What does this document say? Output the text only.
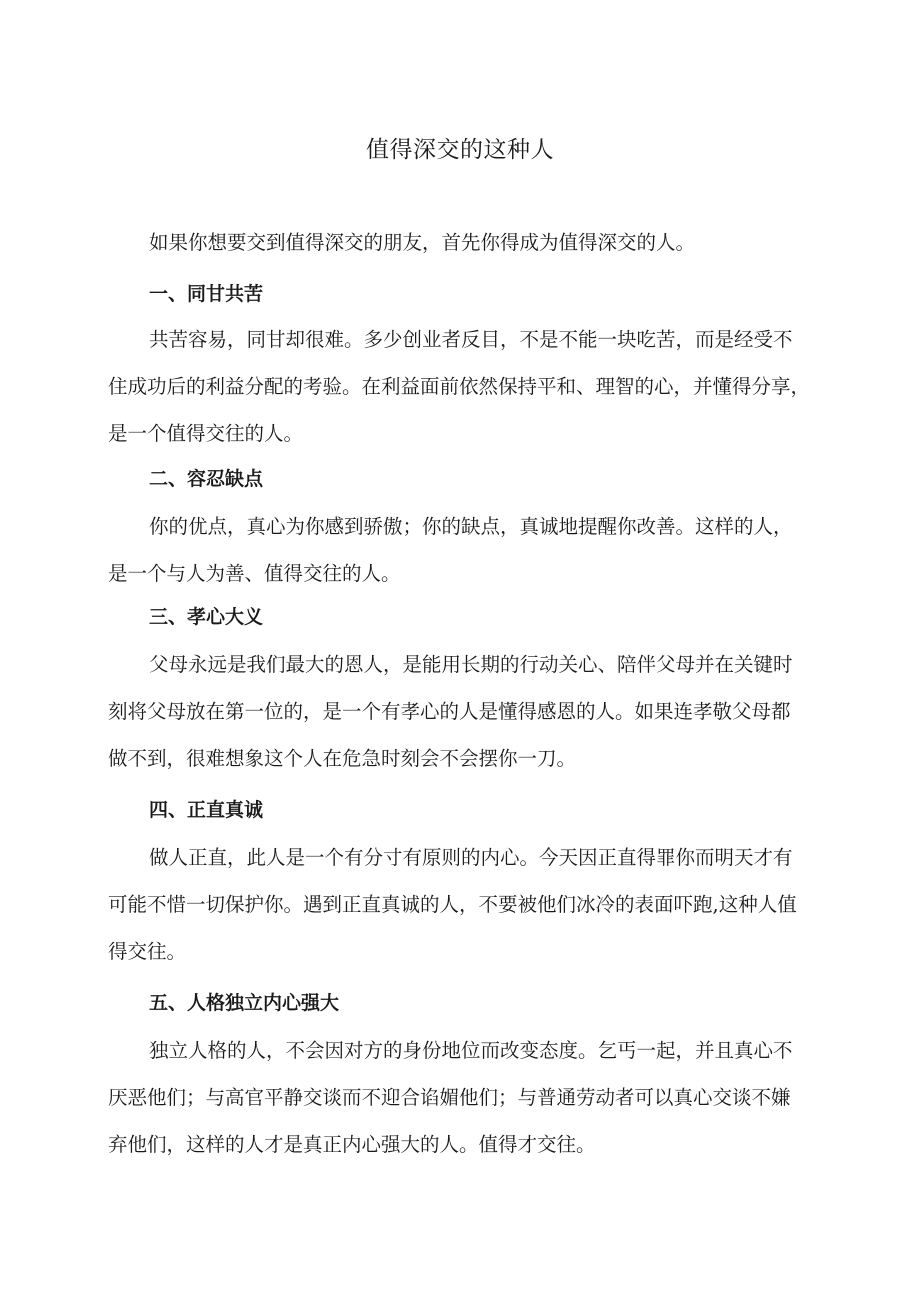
值得深交的这种人

如果你想要交到值得深交的朋友，首先你得成为值得深交的人。

一、同甘共苦

共苦容易，同甘却很难。多少创业者反目，不是不能一块吃苦，而是经受不
住成功后的利益分配的考验。在利益面前依然保持平和、理智的心，并懂得分享，
是一个值得交往的人。

二、容忍缺点

你的优点，真心为你感到骄傲；你的缺点，真诚地提醒你改善。这样的人，
是一个与人为善、值得交往的人。

三、孝心大义

父母永远是我们最大的恩人，是能用长期的行动关心、陪伴父母并在关键时
刻将父母放在第一位的，是一个有孝心的人是懂得感恩的人。如果连孝敬父母都
做不到，很难想象这个人在危急时刻会不会摆你一刀。

四、正直真诚

做人正直，此人是一个有分寸有原则的内心。今天因正直得罪你而明天才有
可能不惜一切保护你。遇到正直真诚的人，不要被他们冰冷的表面吓跑,这种人值
得交往。

五、人格独立内心强大

独立人格的人，不会因对方的身份地位而改变态度。乞丐一起，并且真心不
厌恶他们；与高官平静交谈而不迎合谄媚他们；与普通劳动者可以真心交谈不嫌
弃他们，这样的人才是真正内心强大的人。值得才交往。
